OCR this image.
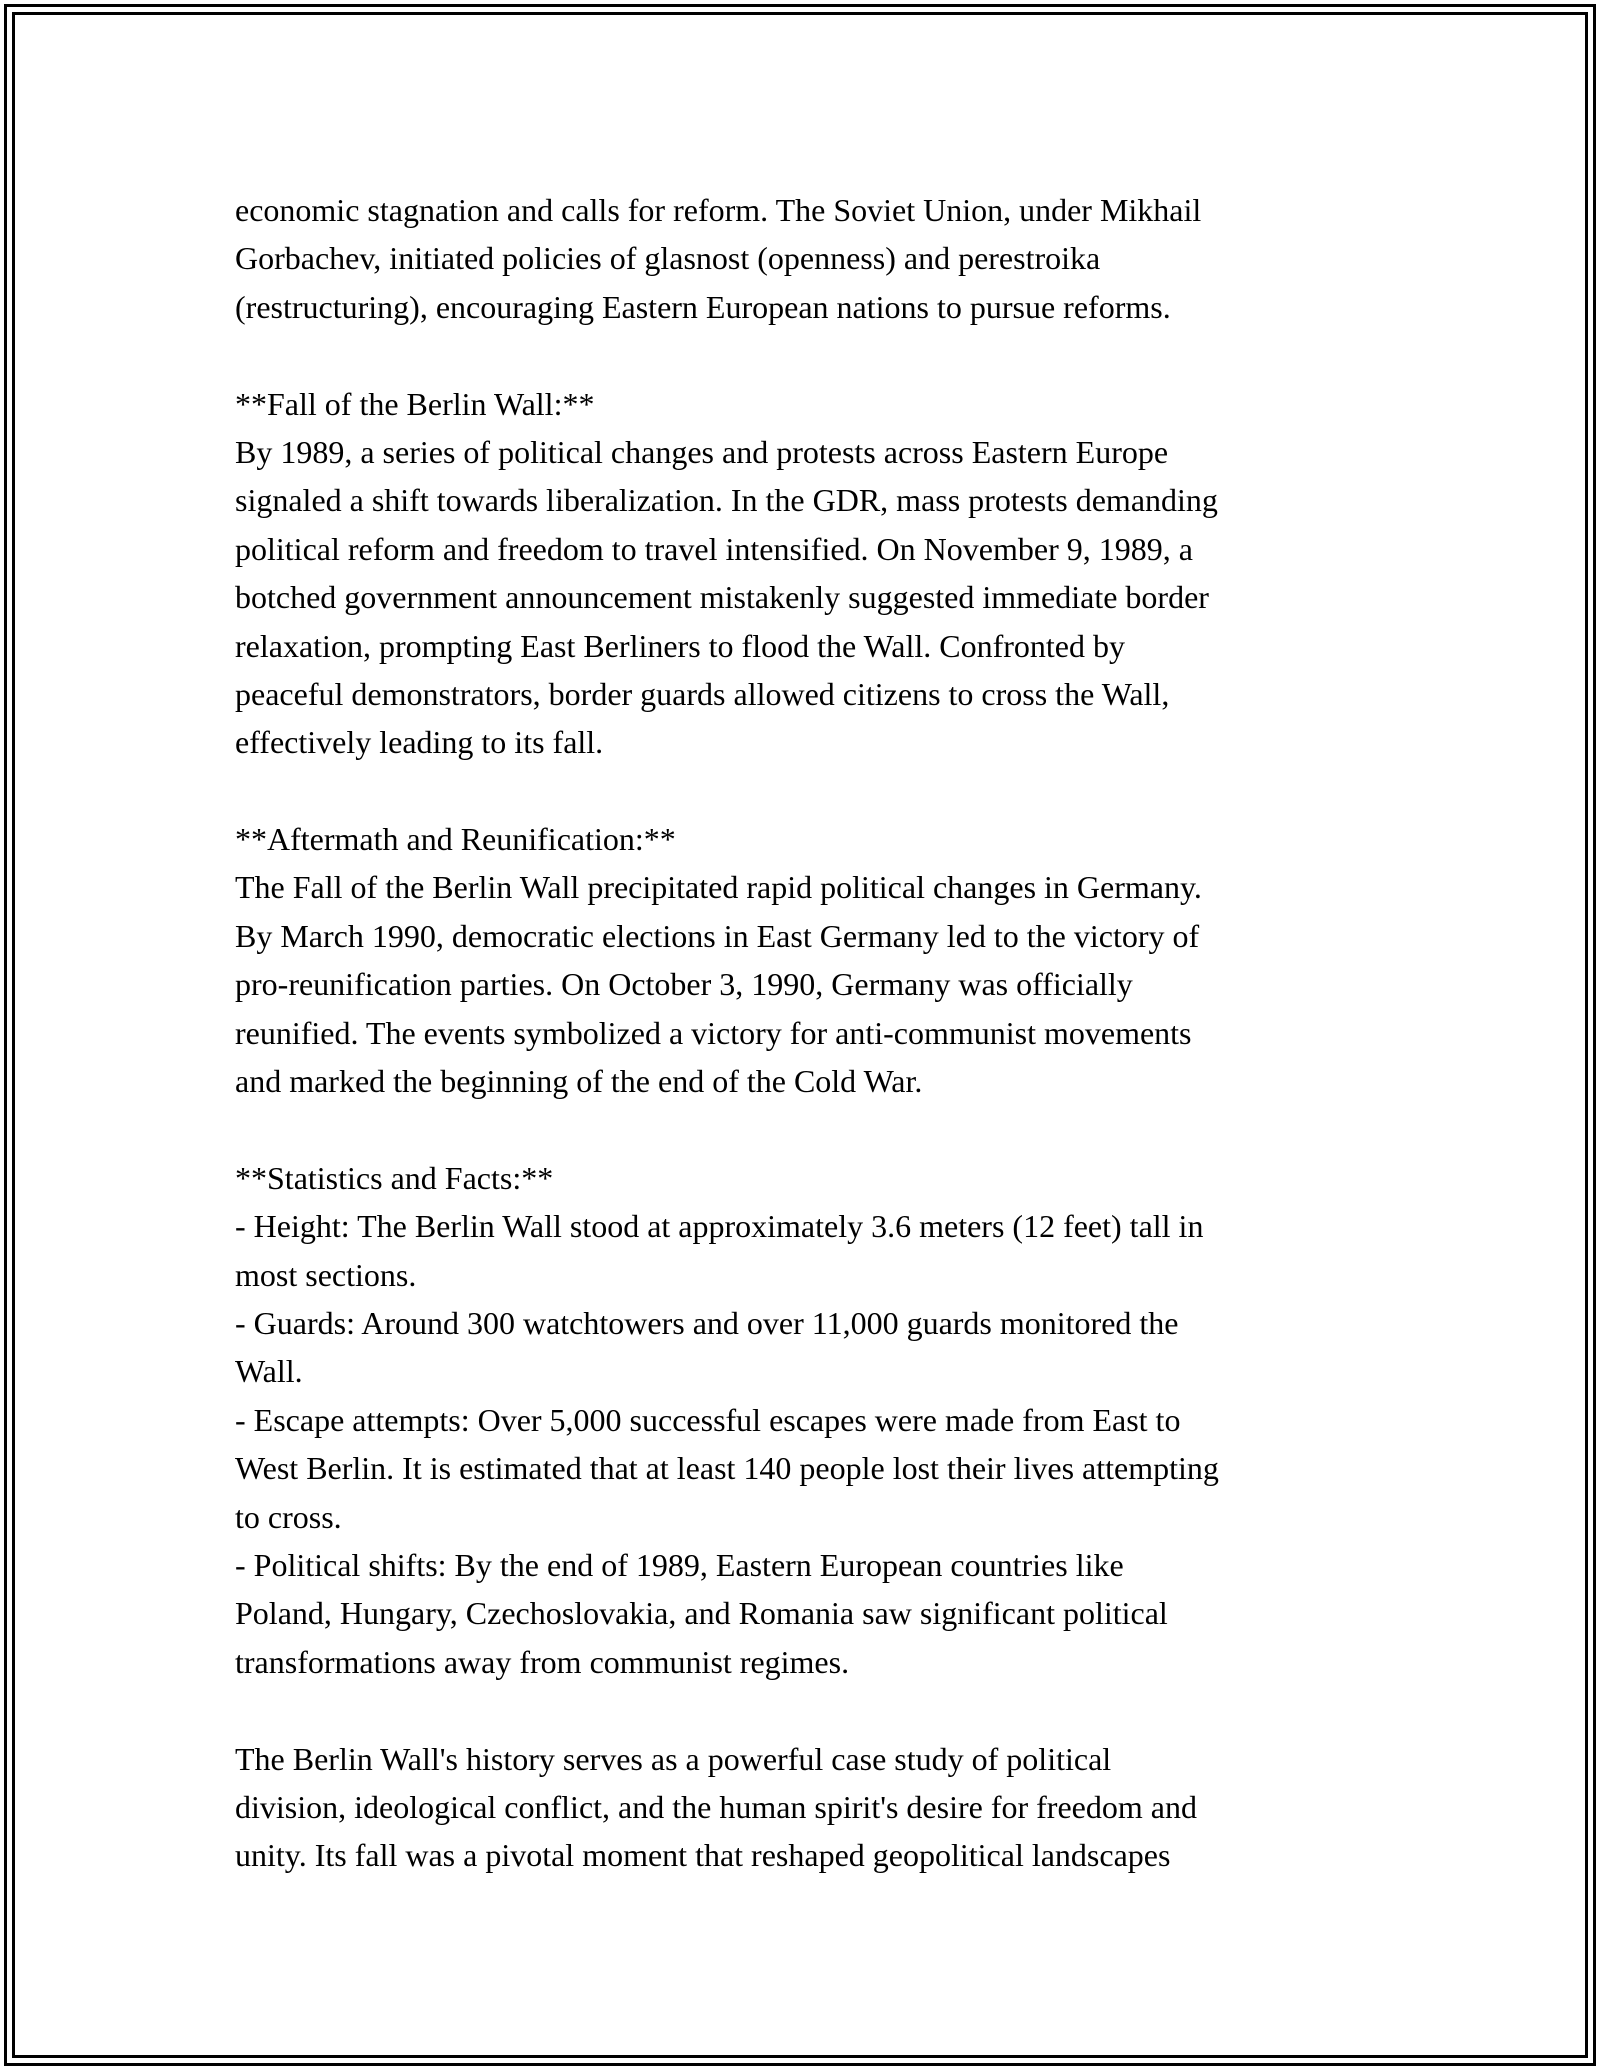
economic stagnation and calls for reform. The Soviet Union, under Mikhail
Gorbachev, initiated policies of glasnost (openness) and perestroika
(restructuring), encouraging Eastern European nations to pursue reforms.
**Fall of the Berlin Wall:**
By 1989, a series of political changes and protests across Eastern Europe
signaled a shift towards liberalization. In the GDR, mass protests demanding
political reform and freedom to travel intensified. On November 9, 1989, a
botched government announcement mistakenly suggested immediate border
relaxation, prompting East Berliners to flood the Wall. Confronted by
peaceful demonstrators, border guards allowed citizens to cross the Wall,
effectively leading to its fall.
**Aftermath and Reunification:**
The Fall of the Berlin Wall precipitated rapid political changes in Germany.
By March 1990, democratic elections in East Germany led to the victory of
pro-reunification parties. On October 3, 1990, Germany was officially
reunified. The events symbolized a victory for anti-communist movements
and marked the beginning of the end of the Cold War.
**Statistics and Facts:**
- Height: The Berlin Wall stood at approximately 3.6 meters (12 feet) tall in
most sections.
- Guards: Around 300 watchtowers and over 11,000 guards monitored the
Wall.
- Escape attempts: Over 5,000 successful escapes were made from East to
West Berlin. It is estimated that at least 140 people lost their lives attempting
to cross.
- Political shifts: By the end of 1989, Eastern European countries like
Poland, Hungary, Czechoslovakia, and Romania saw significant political
transformations away from communist regimes.
The Berlin Wall's history serves as a powerful case study of political
division, ideological conflict, and the human spirit's desire for freedom and
unity. Its fall was a pivotal moment that reshaped geopolitical landscapes
